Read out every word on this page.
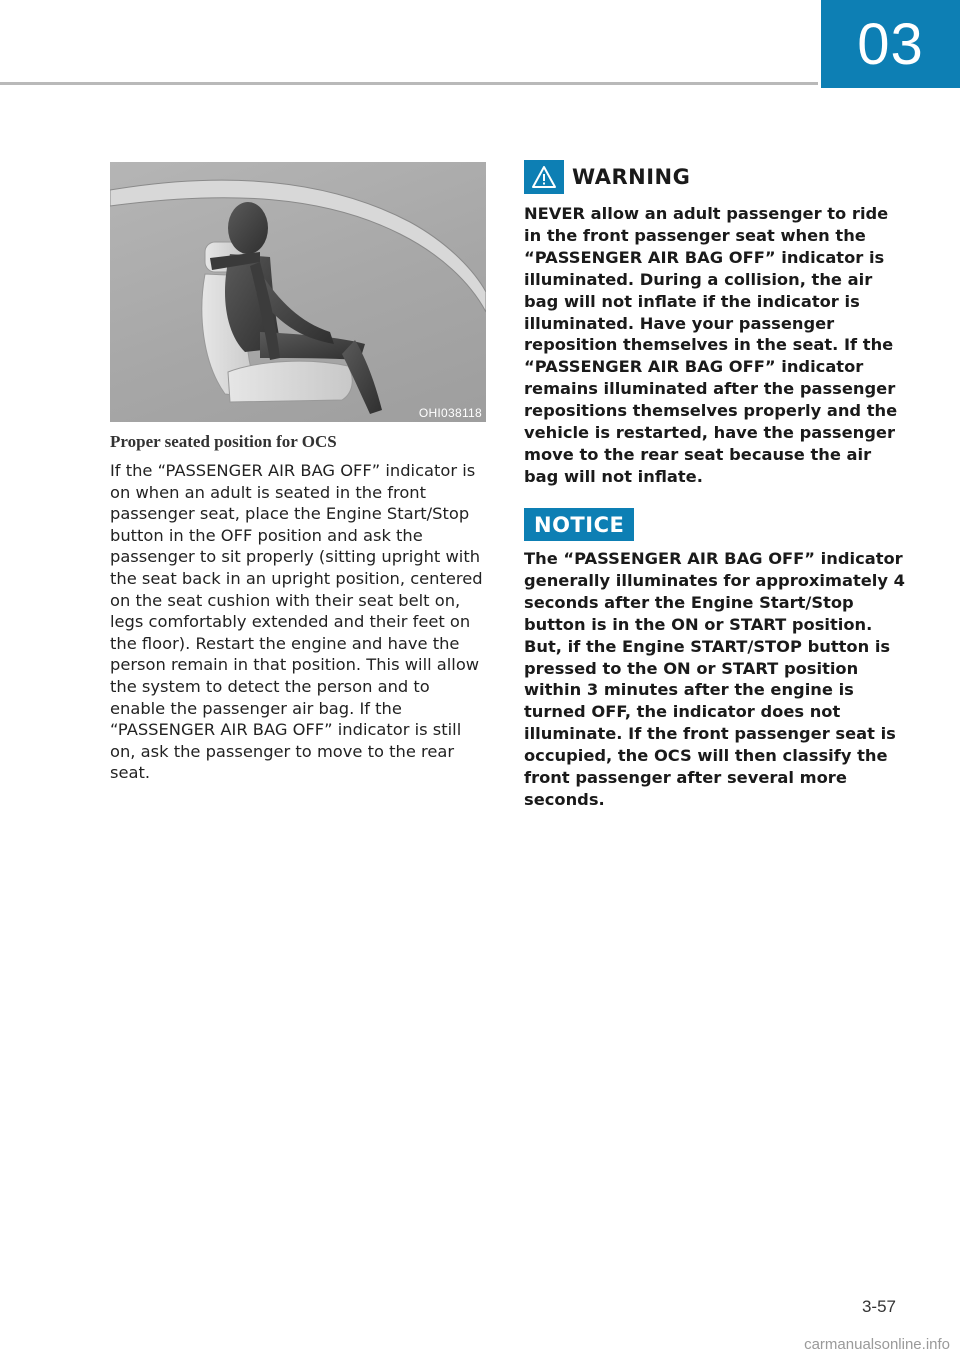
03
OHI038118
Proper seated position for OCS

If the “PASSENGER AIR BAG OFF” indicator is on when an adult is seated in the front passenger seat, place the Engine Start/Stop button in the OFF position and ask the passenger to sit properly (sitting upright with the seat back in an upright position, centered on the seat cushion with their seat belt on, legs comfortably extended and their feet on the floor). Restart the engine and have the person remain in that position. This will allow the system to detect the person and to enable the passenger air bag. If the “PASSENGER AIR BAG OFF” indicator is still on, ask the passenger to move to the rear seat.

WARNING

NEVER allow an adult passenger to ride in the front passenger seat when the “PASSENGER AIR BAG OFF” indicator is illuminated. During a collision, the air bag will not inflate if the indicator is illuminated. Have your passenger reposition themselves in the seat. If the “PASSENGER AIR BAG OFF” indicator remains illuminated after the passenger repositions themselves properly and the vehicle is restarted, have the passenger move to the rear seat because the air bag will not inflate.

NOTICE

The “PASSENGER AIR BAG OFF” indicator generally illuminates for approximately 4 seconds after the Engine Start/Stop button is in the ON or START position. But, if the Engine START/STOP button is pressed to the ON or START position within 3 minutes after the engine is turned OFF, the indicator does not illuminate. If the front passenger seat is occupied, the OCS will then classify the front passenger after several more seconds.

3-57
carmanualsonline.info
